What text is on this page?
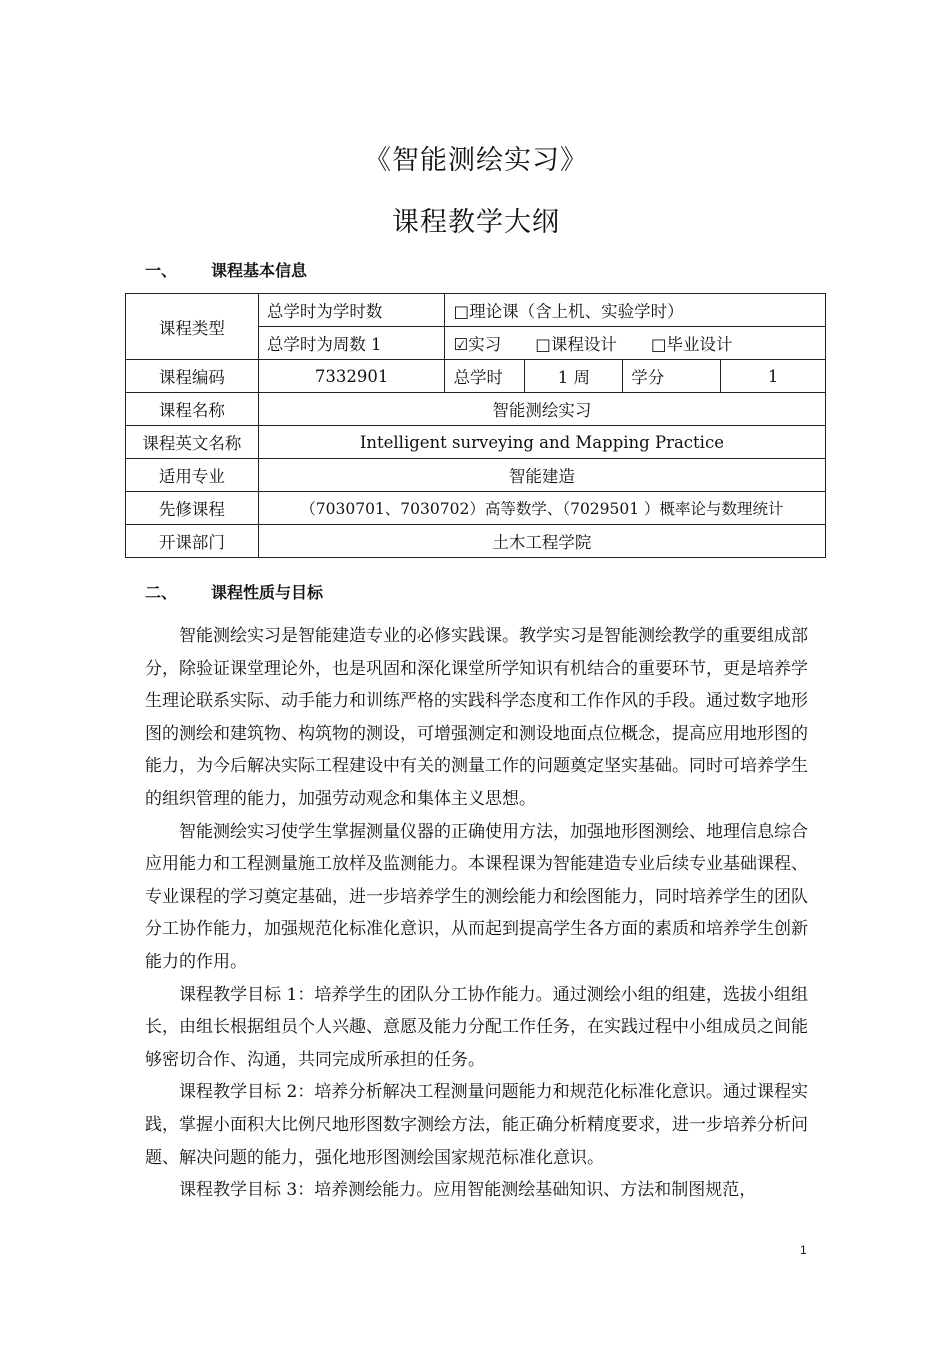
《智能测绘实习》
课程教学大纲
一、 课程基本信息
课程类型	总学时为学时数	□理论课（含上机、实验学时）			
	总学时为周数 1	☑实习 □课程设计 □毕业设计			
课程编码	7332901	总学时	1 周	学分	1
课程名称	智能测绘实习				
课程英文名称	Intelligent surveying and Mapping Practice				
适用专业	智能建造				
先修课程	（7030701、7030702）高等数学、（7029501 ）概率论与数理统计				
开课部门	土木工程学院				
二、 课程性质与目标

智能测绘实习是智能建造专业的必修实践课。教学实习是智能测绘教学的重要组成部分，除验证课堂理论外，也是巩固和深化课堂所学知识有机结合的重要环节，更是培养学生理论联系实际、动手能力和训练严格的实践科学态度和工作作风的手段。通过数字地形图的测绘和建筑物、构筑物的测设，可增强测定和测设地面点位概念，提高应用地形图的能力，为今后解决实际工程建设中有关的测量工作的问题奠定坚实基础。同时可培养学生的组织管理的能力，加强劳动观念和集体主义思想。

智能测绘实习使学生掌握测量仪器的正确使用方法，加强地形图测绘、地理信息综合应用能力和工程测量施工放样及监测能力。本课程课为智能建造专业后续专业基础课程、专业课程的学习奠定基础，进一步培养学生的测绘能力和绘图能力，同时培养学生的团队分工协作能力，加强规范化标准化意识，从而起到提高学生各方面的素质和培养学生创新能力的作用。

课程教学目标 1：培养学生的团队分工协作能力。通过测绘小组的组建，选拔小组组长，由组长根据组员个人兴趣、意愿及能力分配工作任务，在实践过程中小组成员之间能够密切合作、沟通，共同完成所承担的任务。

课程教学目标 2：培养分析解决工程测量问题能力和规范化标准化意识。通过课程实践，掌握小面积大比例尺地形图数字测绘方法，能正确分析精度要求，进一步培养分析问题、解决问题的能力，强化地形图测绘国家规范标准化意识。

课程教学目标 3：培养测绘能力。应用智能测绘基础知识、方法和制图规范，

1
